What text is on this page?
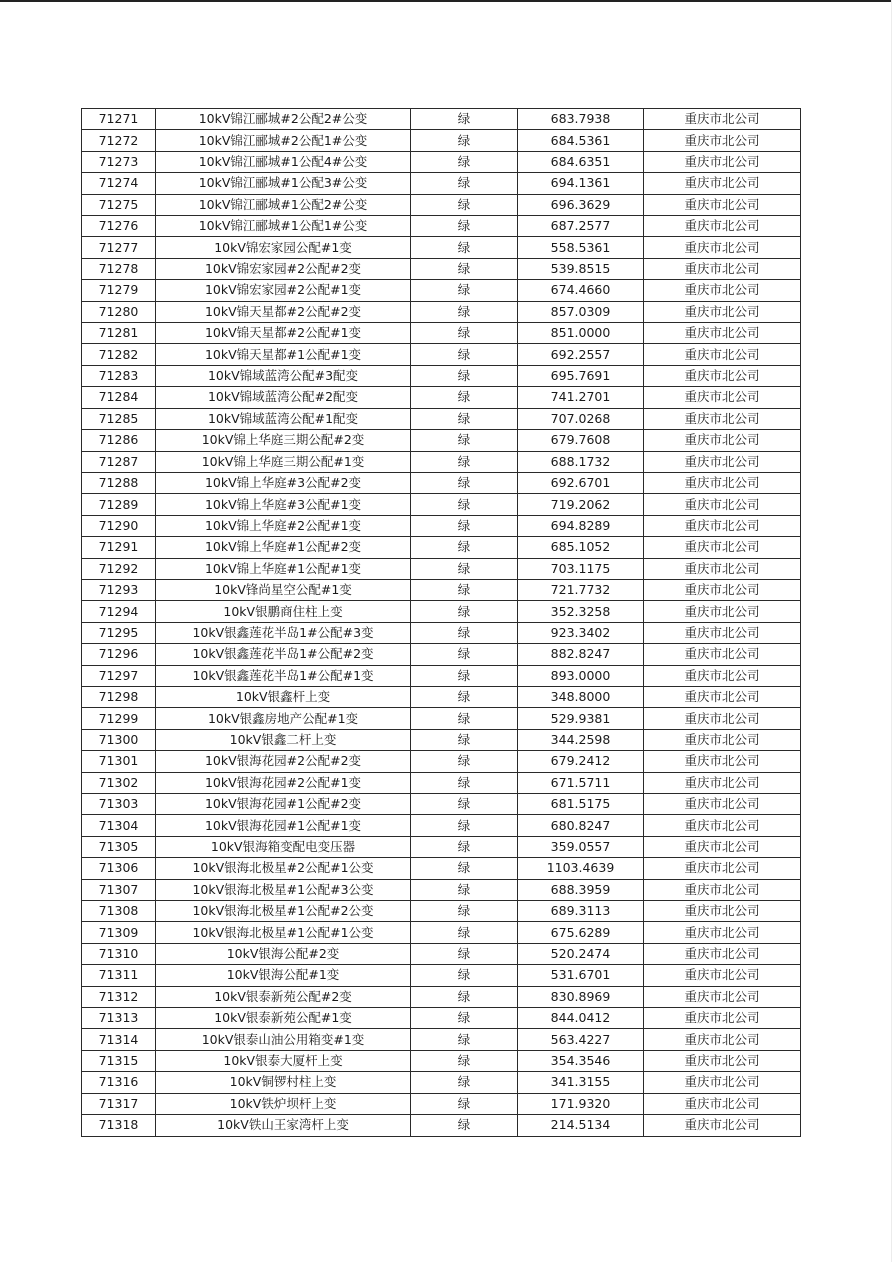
71271	10kV锦江郦城#2公配2#公变	绿	683.7938	重庆市北公司
71272	10kV锦江郦城#2公配1#公变	绿	684.5361	重庆市北公司
71273	10kV锦江郦城#1公配4#公变	绿	684.6351	重庆市北公司
71274	10kV锦江郦城#1公配3#公变	绿	694.1361	重庆市北公司
71275	10kV锦江郦城#1公配2#公变	绿	696.3629	重庆市北公司
71276	10kV锦江郦城#1公配1#公变	绿	687.2577	重庆市北公司
71277	10kV锦宏家园公配#1变	绿	558.5361	重庆市北公司
71278	10kV锦宏家园#2公配#2变	绿	539.8515	重庆市北公司
71279	10kV锦宏家园#2公配#1变	绿	674.4660	重庆市北公司
71280	10kV锦天星都#2公配#2变	绿	857.0309	重庆市北公司
71281	10kV锦天星都#2公配#1变	绿	851.0000	重庆市北公司
71282	10kV锦天星都#1公配#1变	绿	692.2557	重庆市北公司
71283	10kV锦域蓝湾公配#3配变	绿	695.7691	重庆市北公司
71284	10kV锦域蓝湾公配#2配变	绿	741.2701	重庆市北公司
71285	10kV锦域蓝湾公配#1配变	绿	707.0268	重庆市北公司
71286	10kV锦上华庭三期公配#2变	绿	679.7608	重庆市北公司
71287	10kV锦上华庭三期公配#1变	绿	688.1732	重庆市北公司
71288	10kV锦上华庭#3公配#2变	绿	692.6701	重庆市北公司
71289	10kV锦上华庭#3公配#1变	绿	719.2062	重庆市北公司
71290	10kV锦上华庭#2公配#1变	绿	694.8289	重庆市北公司
71291	10kV锦上华庭#1公配#2变	绿	685.1052	重庆市北公司
71292	10kV锦上华庭#1公配#1变	绿	703.1175	重庆市北公司
71293	10kV锋尚星空公配#1变	绿	721.7732	重庆市北公司
71294	10kV银鹏商住柱上变	绿	352.3258	重庆市北公司
71295	10kV银鑫莲花半岛1#公配#3变	绿	923.3402	重庆市北公司
71296	10kV银鑫莲花半岛1#公配#2变	绿	882.8247	重庆市北公司
71297	10kV银鑫莲花半岛1#公配#1变	绿	893.0000	重庆市北公司
71298	10kV银鑫杆上变	绿	348.8000	重庆市北公司
71299	10kV银鑫房地产公配#1变	绿	529.9381	重庆市北公司
71300	10kV银鑫二杆上变	绿	344.2598	重庆市北公司
71301	10kV银海花园#2公配#2变	绿	679.2412	重庆市北公司
71302	10kV银海花园#2公配#1变	绿	671.5711	重庆市北公司
71303	10kV银海花园#1公配#2变	绿	681.5175	重庆市北公司
71304	10kV银海花园#1公配#1变	绿	680.8247	重庆市北公司
71305	10kV银海箱变配电变压器	绿	359.0557	重庆市北公司
71306	10kV银海北极星#2公配#1公变	绿	1103.4639	重庆市北公司
71307	10kV银海北极星#1公配#3公变	绿	688.3959	重庆市北公司
71308	10kV银海北极星#1公配#2公变	绿	689.3113	重庆市北公司
71309	10kV银海北极星#1公配#1公变	绿	675.6289	重庆市北公司
71310	10kV银海公配#2变	绿	520.2474	重庆市北公司
71311	10kV银海公配#1变	绿	531.6701	重庆市北公司
71312	10kV银泰新苑公配#2变	绿	830.8969	重庆市北公司
71313	10kV银泰新苑公配#1变	绿	844.0412	重庆市北公司
71314	10kV银泰山油公用箱变#1变	绿	563.4227	重庆市北公司
71315	10kV银泰大厦杆上变	绿	354.3546	重庆市北公司
71316	10kV铜锣村柱上变	绿	341.3155	重庆市北公司
71317	10kV铁炉坝杆上变	绿	171.9320	重庆市北公司
71318	10kV铁山王家湾杆上变	绿	214.5134	重庆市北公司
